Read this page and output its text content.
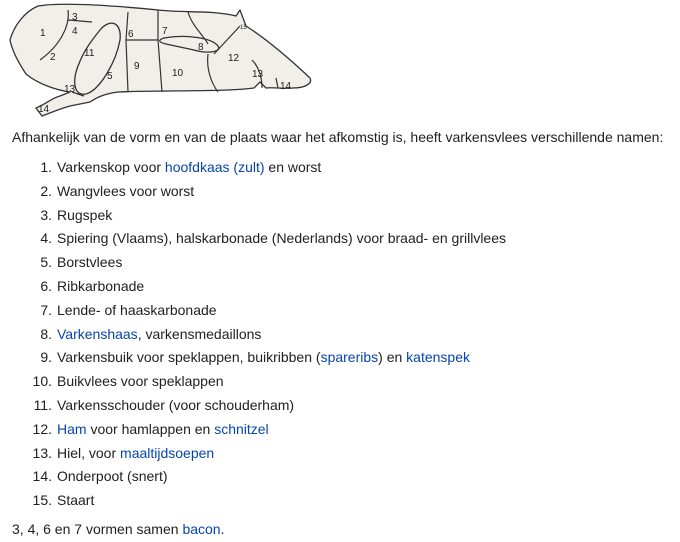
1
2
3
4
5
6	7
8
9
10
11	12
13
13
14
14
15

Afhankelijk van de vorm en van de plaats waar het afkomstig is, heeft varkensvlees verschillende namen:

1. Varkenskop voor hoofdkaas (zult) en worst
2. Wangvlees voor worst
3. Rugspek
4. Spiering (Vlaams), halskarbonade (Nederlands) voor braad- en grillvlees
5. Borstvlees
6. Ribkarbonade
7. Lende- of haaskarbonade
8. Varkenshaas, varkensmedaillons
9. Varkensbuik voor speklappen, buikribben (spareribs) en katenspek
10. Buikvlees voor speklappen
11. Varkensschouder (voor schouderham)
12. Ham voor hamlappen en schnitzel
13. Hiel, voor maaltijdsoepen
14. Onderpoot (snert)
15. Staart

3, 4, 6 en 7 vormen samen bacon.
